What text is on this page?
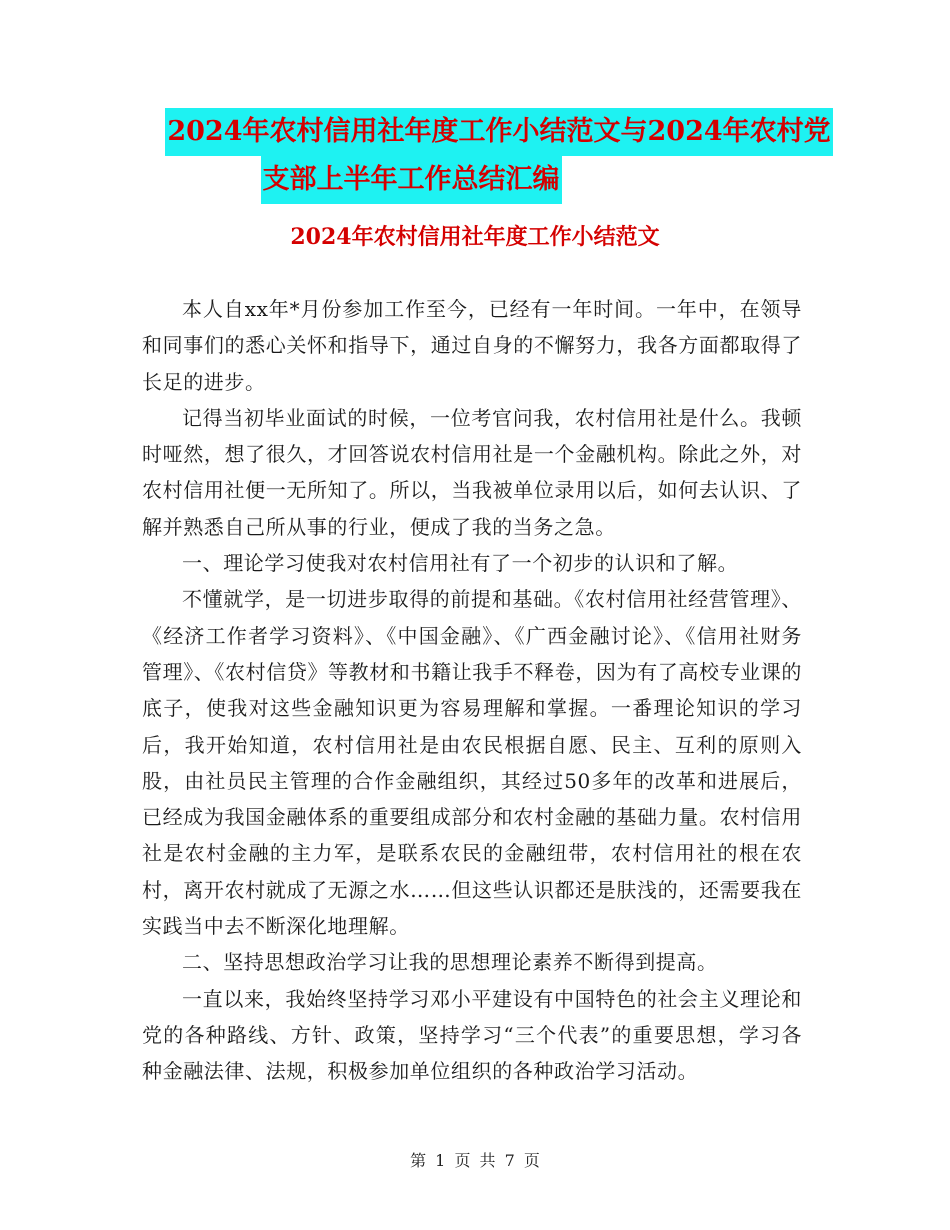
2024年农村信用社年度工作小结范文与2024年农村党
支部上半年工作总结汇编
2024年农村信用社年度工作小结范文

本人自xx年*月份参加工作至今，已经有一年时间。一年中，在领导和同事们的悉心关怀和指导下，通过自身的不懈努力，我各方面都取得了长足的进步。

记得当初毕业面试的时候，一位考官问我，农村信用社是什么。我顿时哑然，想了很久，才回答说农村信用社是一个金融机构。除此之外，对农村信用社便一无所知了。所以，当我被单位录用以后，如何去认识、了解并熟悉自己所从事的行业，便成了我的当务之急。

一、理论学习使我对农村信用社有了一个初步的认识和了解。

不懂就学，是一切进步取得的前提和基础。《农村信用社经营管理》、《经济工作者学习资料》、《中国金融》、《广西金融讨论》、《信用社财务管理》、《农村信贷》等教材和书籍让我手不释卷，因为有了高校专业课的底子，使我对这些金融知识更为容易理解和掌握。一番理论知识的学习后，我开始知道，农村信用社是由农民根据自愿、民主、互利的原则入股，由社员民主管理的合作金融组织，其经过50多年的改革和进展后，已经成为我国金融体系的重要组成部分和农村金融的基础力量。农村信用社是农村金融的主力军，是联系农民的金融纽带，农村信用社的根在农村，离开农村就成了无源之水……但这些认识都还是肤浅的，还需要我在实践当中去不断深化地理解。

二、坚持思想政治学习让我的思想理论素养不断得到提高。

一直以来，我始终坚持学习邓小平建设有中国特色的社会主义理论和党的各种路线、方针、政策，坚持学习“三个代表”的重要思想，学习各种金融法律、法规，积极参加单位组织的各种政治学习活动。

第 1 页 共 7 页
